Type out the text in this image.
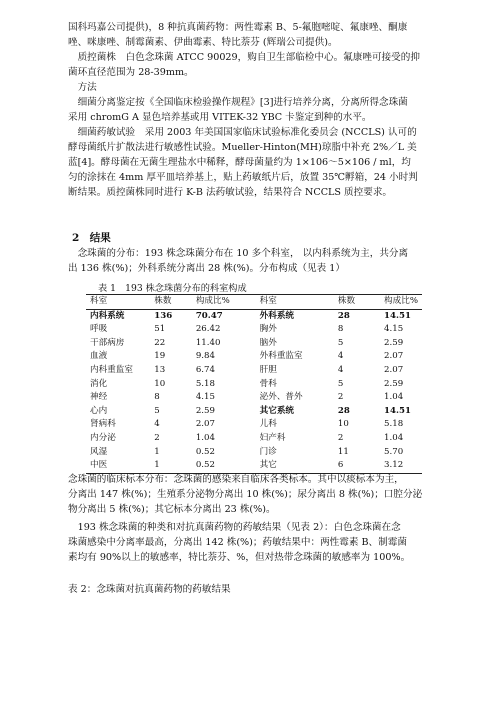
国科玛嘉公司提供)，8 种抗真菌药物：两性霉素 B、5-氟胞嘧啶、氟康唑、酮康
唑、咪康唑、制霉菌素、伊曲霉素、特比萘芬 (辉瑞公司提供)。
　质控菌株　白色念珠菌 ATCC 90029，购自卫生部临检中心。氟康唑可接受的抑
菌环直径范围为 28-39mm。
　方法
　细菌分离鉴定按《全国临床检验操作规程》[3]进行培养分离，分离所得念珠菌
采用 chromG A 显色培养基或用 VITEK-32 YBC 卡鉴定到种的水平。
　细菌药敏试验　采用 2003 年美国国家临床试验标准化委员会 (NCCLS) 认可的
酵母菌纸片扩散法进行敏感性试验。Mueller-Hinton(MH)琼脂中补充 2%／L 美
蓝[4]。酵母菌在无菌生理盐水中稀释，酵母菌量约为 1×106～5×106 / ml，均
匀的涂抹在 4mm 厚平皿培养基上，贴上药敏纸片后，放置 35℃孵箱，24 小时判
断结果。质控菌株同时进行 K-B 法药敏试验，结果符合 NCCLS 质控要求。

2　结果

　念珠菌的分布：193 株念珠菌分布在 10 多个科室， 以内科系统为主，共分离
出 136 株(%)；外科系统分离出 28 株(%)。分布构成（见表 1）

表 1　193 株念珠菌分布的科室构成
科室	株数	构成比%	科室	株数	构成比%
内科系统	136	70.47	外科系统	28	14.51
呼吸	51	26.42	胸外	8	4.15
干部病房	22	11.40	脑外	5	2.59
血液	19	9.84	外科重监室	4	2.07
内科重监室	13	6.74	肝胆	4	2.07
消化	10	5.18	骨科	5	2.59
神经	8	4.15	泌外、普外	2	1.04
心内	5	2.59	其它系统	28	14.51
肾病科	4	2.07	儿科	10	5.18
内分泌	2	1.04	妇产科	2	1.04
风湿	1	0.52	门诊	11	5.70
中医	1	0.52	其它	6	3.12

念珠菌的临床标本分布：念珠菌的感染来自临床各类标本。其中以痰标本为主，
分离出 147 株(%)；生殖系分泌物分离出 10 株(%)；尿分离出 8 株(%)；口腔分泌
物分离出 5 株(%)；其它标本分离出 23 株(%)。

　193 株念珠菌的种类和对抗真菌药物的药敏结果（见表 2）：白色念珠菌在念
珠菌感染中分离率最高，分离出 142 株(%)；药敏结果中：两性霉素 B、制霉菌
素均有 90%以上的敏感率，特比萘芬、%，但对热带念珠菌的敏感率为 100%。

表 2：念珠菌对抗真菌药物的药敏结果
